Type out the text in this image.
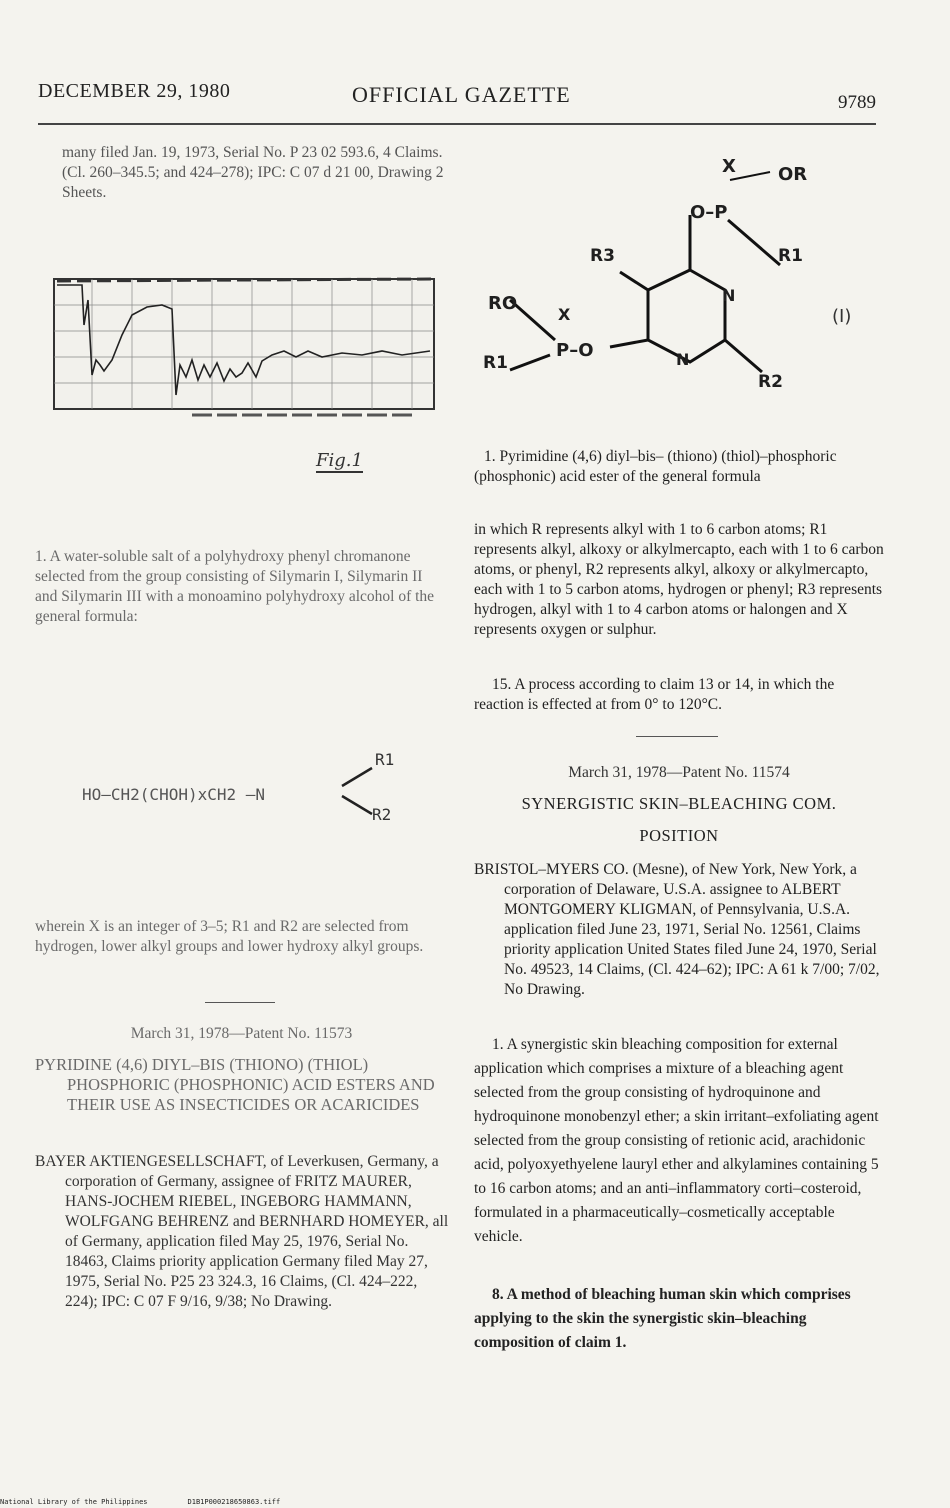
DECEMBER 29, 1980	OFFICIAL GAZETTE	9789
many filed Jan. 19, 1973, Serial No. P 23 02 593.6, 4 Claims. (Cl. 260–345.5; and 424–278); IPC: C 07 d 21 00, Drawing 2 Sheets.
Fig.1
1. A water-soluble salt of a polyhydroxy phenyl chromanone selected from the group consisting of Silymarin I, Silymarin II and Silymarin III with a monoamino polyhydroxy alcohol of the general formula:
HO–CH2(CHOH)xCH2 –N
R1
R2
wherein X is an integer of 3–5; R1 and R2 are selected from hydrogen, lower alkyl groups and lower hydroxy alkyl groups.
March 31, 1978—Patent No. 11573
PYRIDINE (4,6) DIYL–BIS (THIONO) (THIOL) PHOSPHORIC (PHOSPHONIC) ACID ESTERS AND THEIR USE AS INSECTICIDES OR ACARICIDES
BAYER AKTIENGESELLSCHAFT, of Leverkusen, Germany, a corporation of Germany, assignee of FRITZ MAURER, HANS-JOCHEM RIEBEL, INGEBORG HAMMANN, WOLFGANG BEHRENZ and BERNHARD HOMEYER, all of Germany, application filed May 25, 1976, Serial No. 18463, Claims priority application Germany filed May 27, 1975, Serial No. P25 23 324.3, 16 Claims, (Cl. 424–222, 224); IPC: C 07 F 9/16, 9/38; No Drawing.
X OR
O–P
R1
R3
N
RO
X
P–O
R1	N
R2
(I)
1. Pyrimidine (4,6) diyl–bis– (thiono) (thiol)–phosphoric (phosphonic) acid ester of the general formula
in which R represents alkyl with 1 to 6 carbon atoms; R1 represents alkyl, alkoxy or alkylmercapto, each with 1 to 6 carbon atoms, or phenyl, R2 represents alkyl, alkoxy or alkylmercapto, each with 1 to 5 carbon atoms, hydrogen or phenyl; R3 represents hydrogen, alkyl with 1 to 4 carbon atoms or halongen and X represents oxygen or sulphur.
15. A process according to claim 13 or 14, in which the reaction is effected at from 0° to 120°C.
March 31, 1978—Patent No. 11574
SYNERGISTIC SKIN–BLEACHING COM.
POSITION
BRISTOL–MYERS CO. (Mesne), of New York, New York, a corporation of Delaware, U.S.A. assignee to ALBERT MONTGOMERY KLIGMAN, of Pennsylvania, U.S.A. application filed June 23, 1971, Serial No. 12561, Claims priority application United States filed June 24, 1970, Serial No. 49523, 14 Claims, (Cl. 424–62); IPC: A 61 k 7/00; 7/02, No Drawing.
1. A synergistic skin bleaching composition for external application which comprises a mixture of a bleaching agent selected from the group consisting of hydroquinone and hydroquinone monobenzyl ether; a skin irritant–exfoliating agent selected from the group consisting of retionic acid, arachidonic acid, polyoxyethyelene lauryl ether and alkylamines containing 5 to 16 carbon atoms; and an anti–inflammatory corti–costeroid, formulated in a pharmaceutically–cosmetically acceptable vehicle.
8. A method of bleaching human skin which comprises applying to the skin the synergistic skin–bleaching composition of claim 1.
National Library of the Philippines	D1B1P000218650863.tiff
